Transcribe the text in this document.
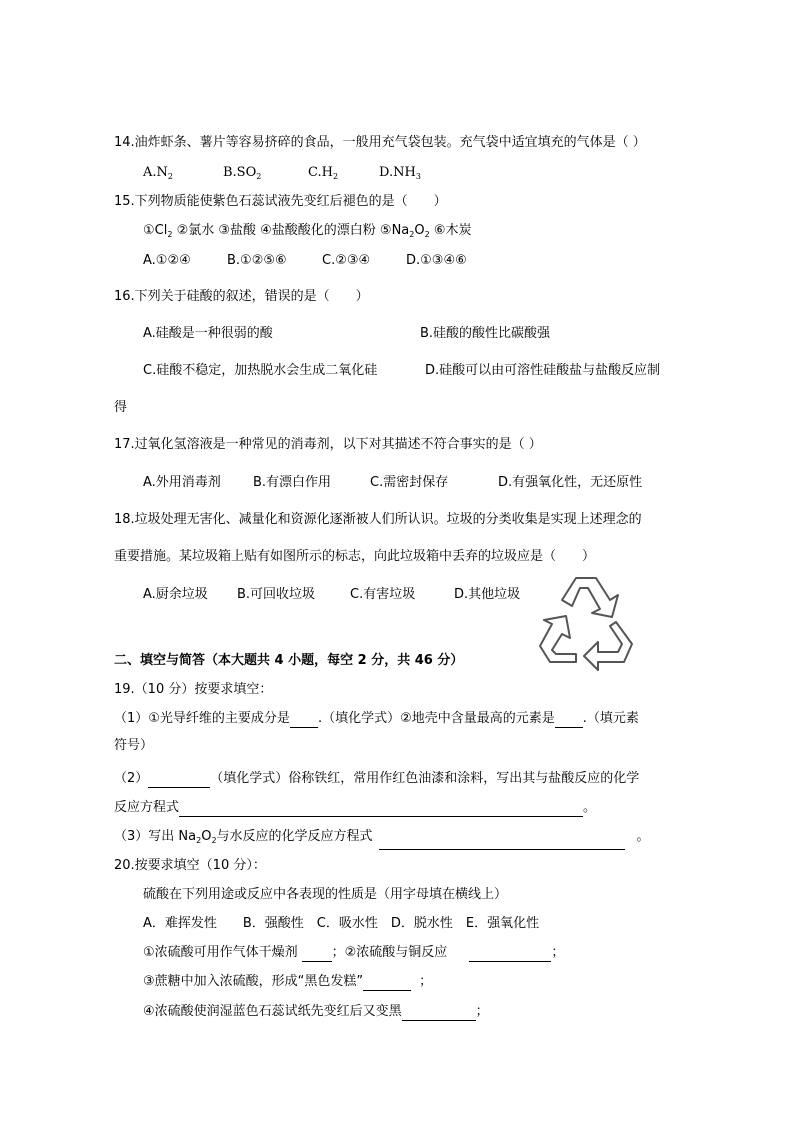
14.油炸虾条、薯片等容易挤碎的食品，一般用充气袋包装。充气袋中适宜填充的气体是（ ）
$A.N_2$	$B.SO_2$	$C.H_2$	$D.NH_3$
15.下列物质能使紫色石蕊试液先变红后褪色的是（　　）
$①Cl_2$ ②氯水 ③盐酸 ④盐酸酸化的漂白粉 $⑤Na_2O_2$ ⑥木炭
A.①②④	B.①②⑤⑥	C.②③④	D.①③④⑥
16.下列关于硅酸的叙述，错误的是（　　）
A.硅酸是一种很弱的酸	B.硅酸的酸性比碳酸强
C.硅酸不稳定，加热脱水会生成二氧化硅	D.硅酸可以由可溶性硅酸盐与盐酸反应制
得
17.过氧化氢溶液是一种常见的消毒剂，以下对其描述不符合事实的是（ ）
A.外用消毒剂 B.有漂白作用	C.需密封保存	D.有强氧化性，无还原性
18.垃圾处理无害化、减量化和资源化逐渐被人们所认识。垃圾的分类收集是实现上述理念的
重要措施。某垃圾箱上贴有如图所示的标志，向此垃圾箱中丢弃的垃圾应是（　　）
A.厨余垃圾 B.可回收垃圾	C.有害垃圾	D.其他垃圾
二、填空与简答（本大题共 4 小题，每空 2 分，共 46 分）
19.（10 分）按要求填空：
（1）①光导纤维的主要成分是 .（填化学式）②地壳中含量最高的元素是 .（填元素
符号）
（2）	（填化学式）俗称铁红，常用作红色油漆和涂料，写出其与盐酸反应的化学
反应方程式	。
（3）写出 $Na_2O_2$与水反应的化学反应方程式	。
20.按要求填空（10 分）：
硫酸在下列用途或反应中各表现的性质是（用字母填在横线上）
A．难挥发性　　B．强酸性　C．吸水性　D．脱水性　E．强氧化性
①浓硫酸可用作气体干燥剂	；②浓硫酸与铜反应	；
③蔗糖中加入浓硫酸，形成“黑色发糕”	；
④浓硫酸使润湿蓝色石蕊试纸先变红后又变黑	；
